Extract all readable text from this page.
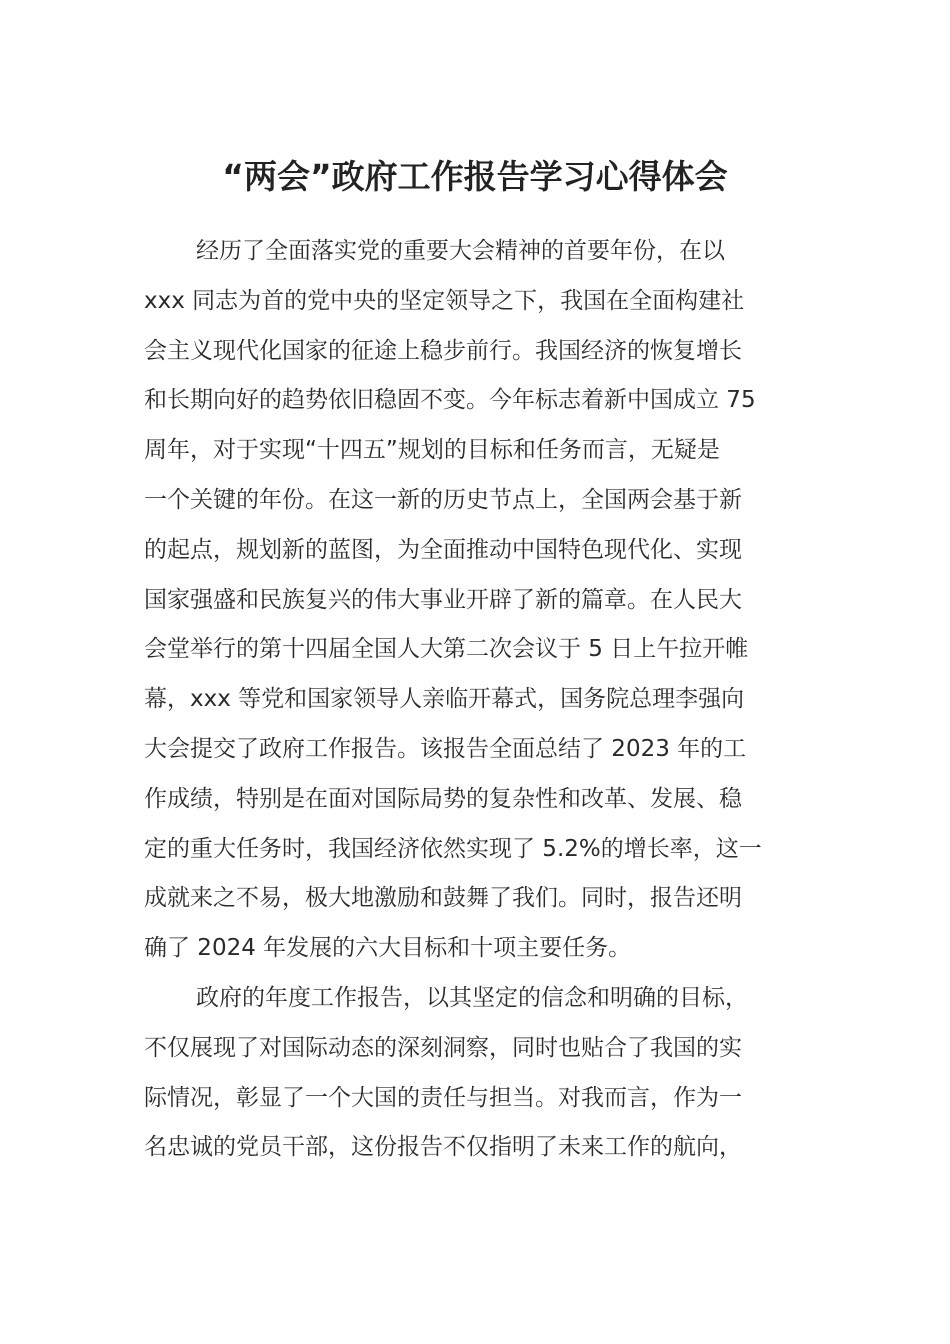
“两会”政府工作报告学习心得体会
经历了全面落实党的重要大会精神的首要年份，在以
xxx 同志为首的党中央的坚定领导之下，我国在全面构建社
会主义现代化国家的征途上稳步前行。我国经济的恢复增长
和长期向好的趋势依旧稳固不变。今年标志着新中国成立 75
周年，对于实现“十四五”规划的目标和任务而言，无疑是
一个关键的年份。在这一新的历史节点上，全国两会基于新
的起点，规划新的蓝图，为全面推动中国特色现代化、实现
国家强盛和民族复兴的伟大事业开辟了新的篇章。在人民大
会堂举行的第十四届全国人大第二次会议于 5 日上午拉开帷
幕，xxx 等党和国家领导人亲临开幕式，国务院总理李强向
大会提交了政府工作报告。该报告全面总结了 2023 年的工
作成绩，特别是在面对国际局势的复杂性和改革、发展、稳
定的重大任务时，我国经济依然实现了 5.2%的增长率，这一
成就来之不易，极大地激励和鼓舞了我们。同时，报告还明
确了 2024 年发展的六大目标和十项主要任务。
政府的年度工作报告，以其坚定的信念和明确的目标，
不仅展现了对国际动态的深刻洞察，同时也贴合了我国的实
际情况，彰显了一个大国的责任与担当。对我而言，作为一
名忠诚的党员干部，这份报告不仅指明了未来工作的航向，
